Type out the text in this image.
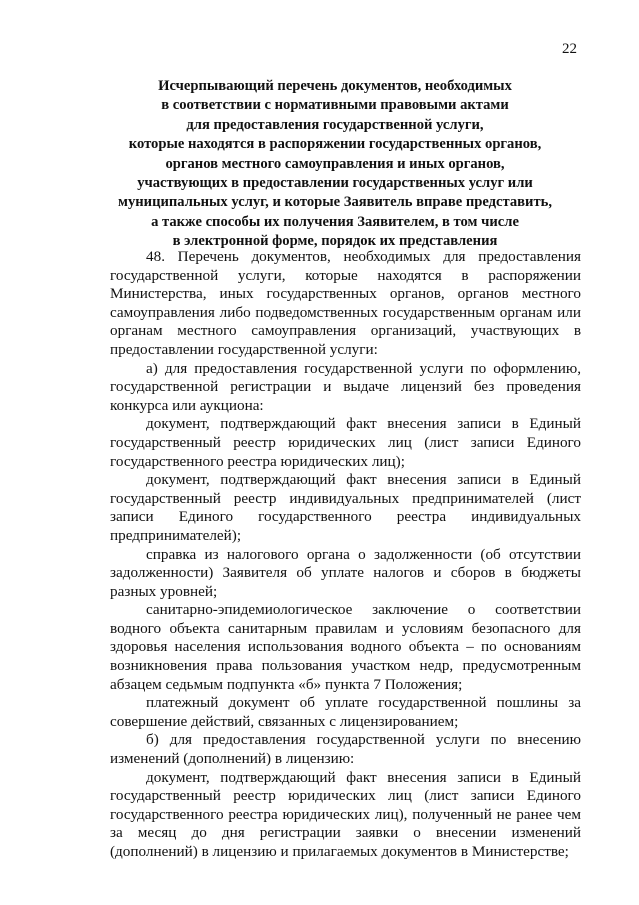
22
Исчерпывающий перечень документов, необходимых
в соответствии с нормативными правовыми актами
для предоставления государственной услуги,
которые находятся в распоряжении государственных органов,
органов местного самоуправления и иных органов,
участвующих в предоставлении государственных услуг или
муниципальных услуг, и которые Заявитель вправе представить,
а также способы их получения Заявителем, в том числе
в электронной форме, порядок их представления

48. Перечень документов, необходимых для предоставления государственной услуги, которые находятся в распоряжении Министерства, иных государственных органов, органов местного самоуправления либо подведомственных государственным органам или органам местного самоуправления организаций, участвующих в предоставлении государственной услуги:

а) для предоставления государственной услуги по оформлению, государственной регистрации и выдаче лицензий без проведения конкурса или аукциона:

документ, подтверждающий факт внесения записи в Единый государственный реестр юридических лиц (лист записи Единого государственного реестра юридических лиц);

документ, подтверждающий факт внесения записи в Единый государственный реестр индивидуальных предпринимателей (лист записи Единого государственного реестра индивидуальных предпринимателей);

справка из налогового органа о задолженности (об отсутствии задолженности) Заявителя об уплате налогов и сборов в бюджеты разных уровней;

санитарно-эпидемиологическое заключение о соответствии водного объекта санитарным правилам и условиям безопасного для здоровья населения использования водного объекта – по основаниям возникновения права пользования участком недр, предусмотренным абзацем седьмым подпункта «б» пункта 7 Положения;

платежный документ об уплате государственной пошлины за совершение действий, связанных с лицензированием;

б) для предоставления государственной услуги по внесению изменений (дополнений) в лицензию:

документ, подтверждающий факт внесения записи в Единый государственный реестр юридических лиц (лист записи Единого государственного реестра юридических лиц), полученный не ранее чем за месяц до дня регистрации заявки о внесении изменений (дополнений) в лицензию и прилагаемых документов в Министерстве;
